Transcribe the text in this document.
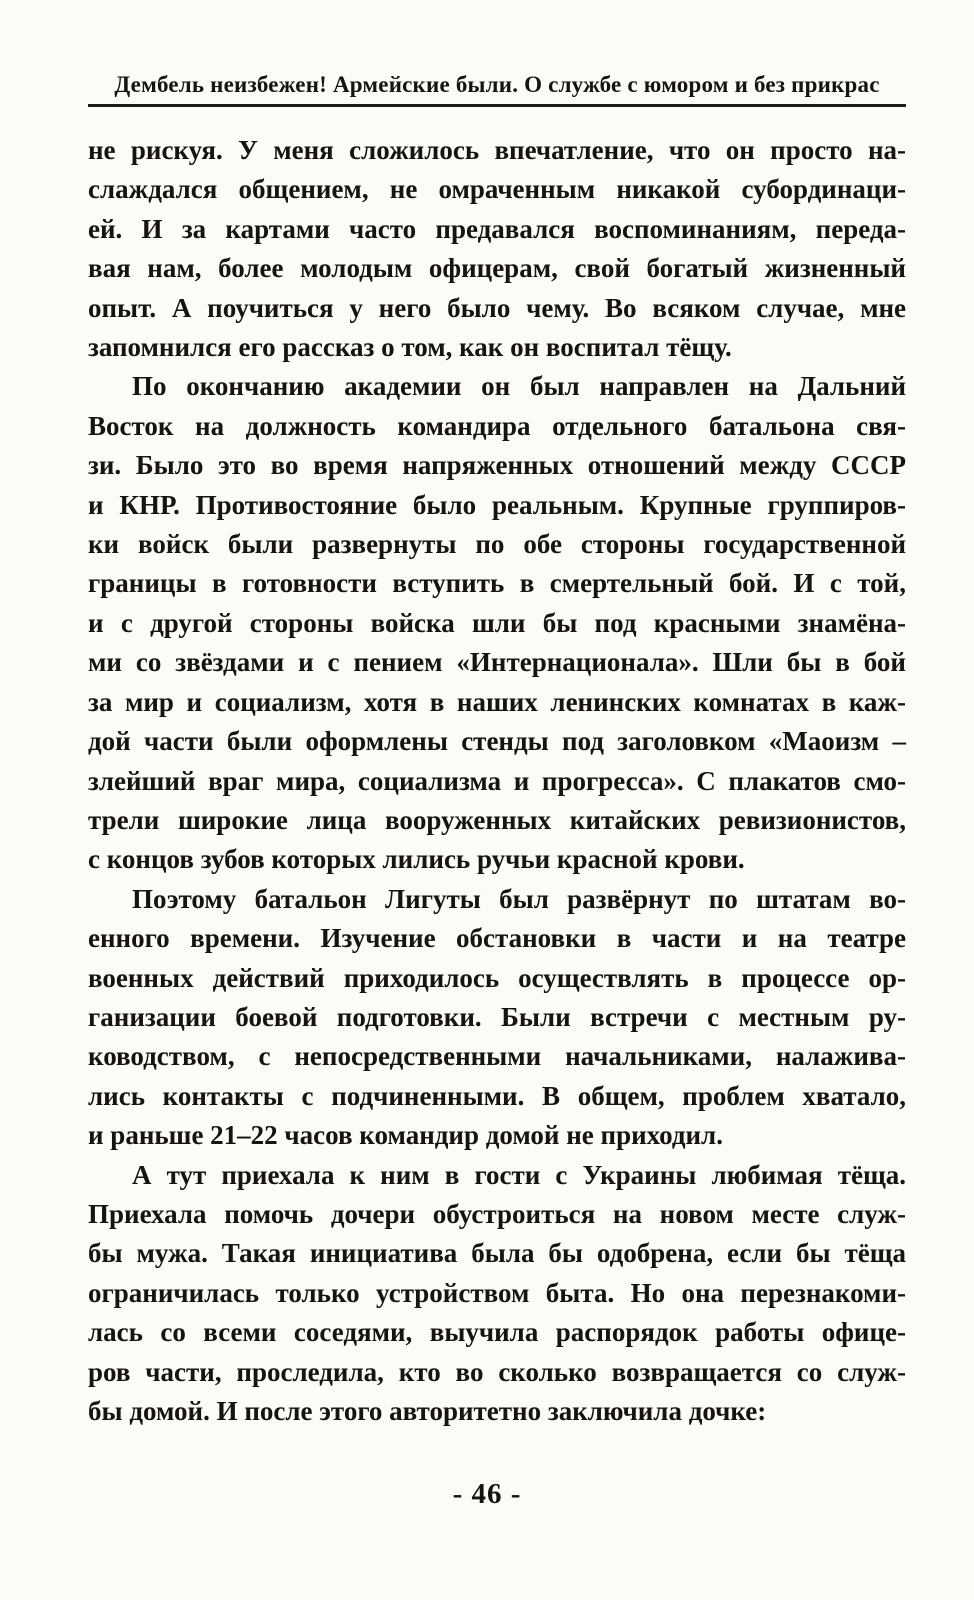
Дембель неизбежен! Армейские были. О службе с юмором и без прикрас
не рискуя. У меня сложилось впечатление, что он просто на-
слаждался общением, не омраченным никакой субординаци-
ей. И за картами часто предавался воспоминаниям, переда-
вая нам, более молодым офицерам, свой богатый жизненный
опыт. А поучиться у него было чему. Во всяком случае, мне
запомнился его рассказ о том, как он воспитал тёщу.
По окончанию академии он был направлен на Дальний
Восток на должность командира отдельного батальона свя-
зи. Было это во время напряженных отношений между СССР
и КНР. Противостояние было реальным. Крупные группиров-
ки войск были развернуты по обе стороны государственной
границы в готовности вступить в смертельный бой. И с той,
и с другой стороны войска шли бы под красными знамёна-
ми со звёздами и с пением «Интернационала». Шли бы в бой
за мир и социализм, хотя в наших ленинских комнатах в каж-
дой части были оформлены стенды под заголовком «Маоизм –
злейший враг мира, социализма и прогресса». С плакатов смо-
трели широкие лица вооруженных китайских ревизионистов,
с концов зубов которых лились ручьи красной крови.
Поэтому батальон Лигуты был развёрнут по штатам во-
енного времени. Изучение обстановки в части и на театре
военных действий приходилось осуществлять в процессе ор-
ганизации боевой подготовки. Были встречи с местным ру-
ководством, с непосредственными начальниками, налажива-
лись контакты с подчиненными. В общем, проблем хватало,
и раньше 21–22 часов командир домой не приходил.
А тут приехала к ним в гости с Украины любимая тёща.
Приехала помочь дочери обустроиться на новом месте служ-
бы мужа. Такая инициатива была бы одобрена, если бы тёща
ограничилась только устройством быта. Но она перезнакоми-
лась со всеми соседями, выучила распорядок работы офице-
ров части, проследила, кто во сколько возвращается со служ-
бы домой. И после этого авторитетно заключила дочке:
- 46 -
